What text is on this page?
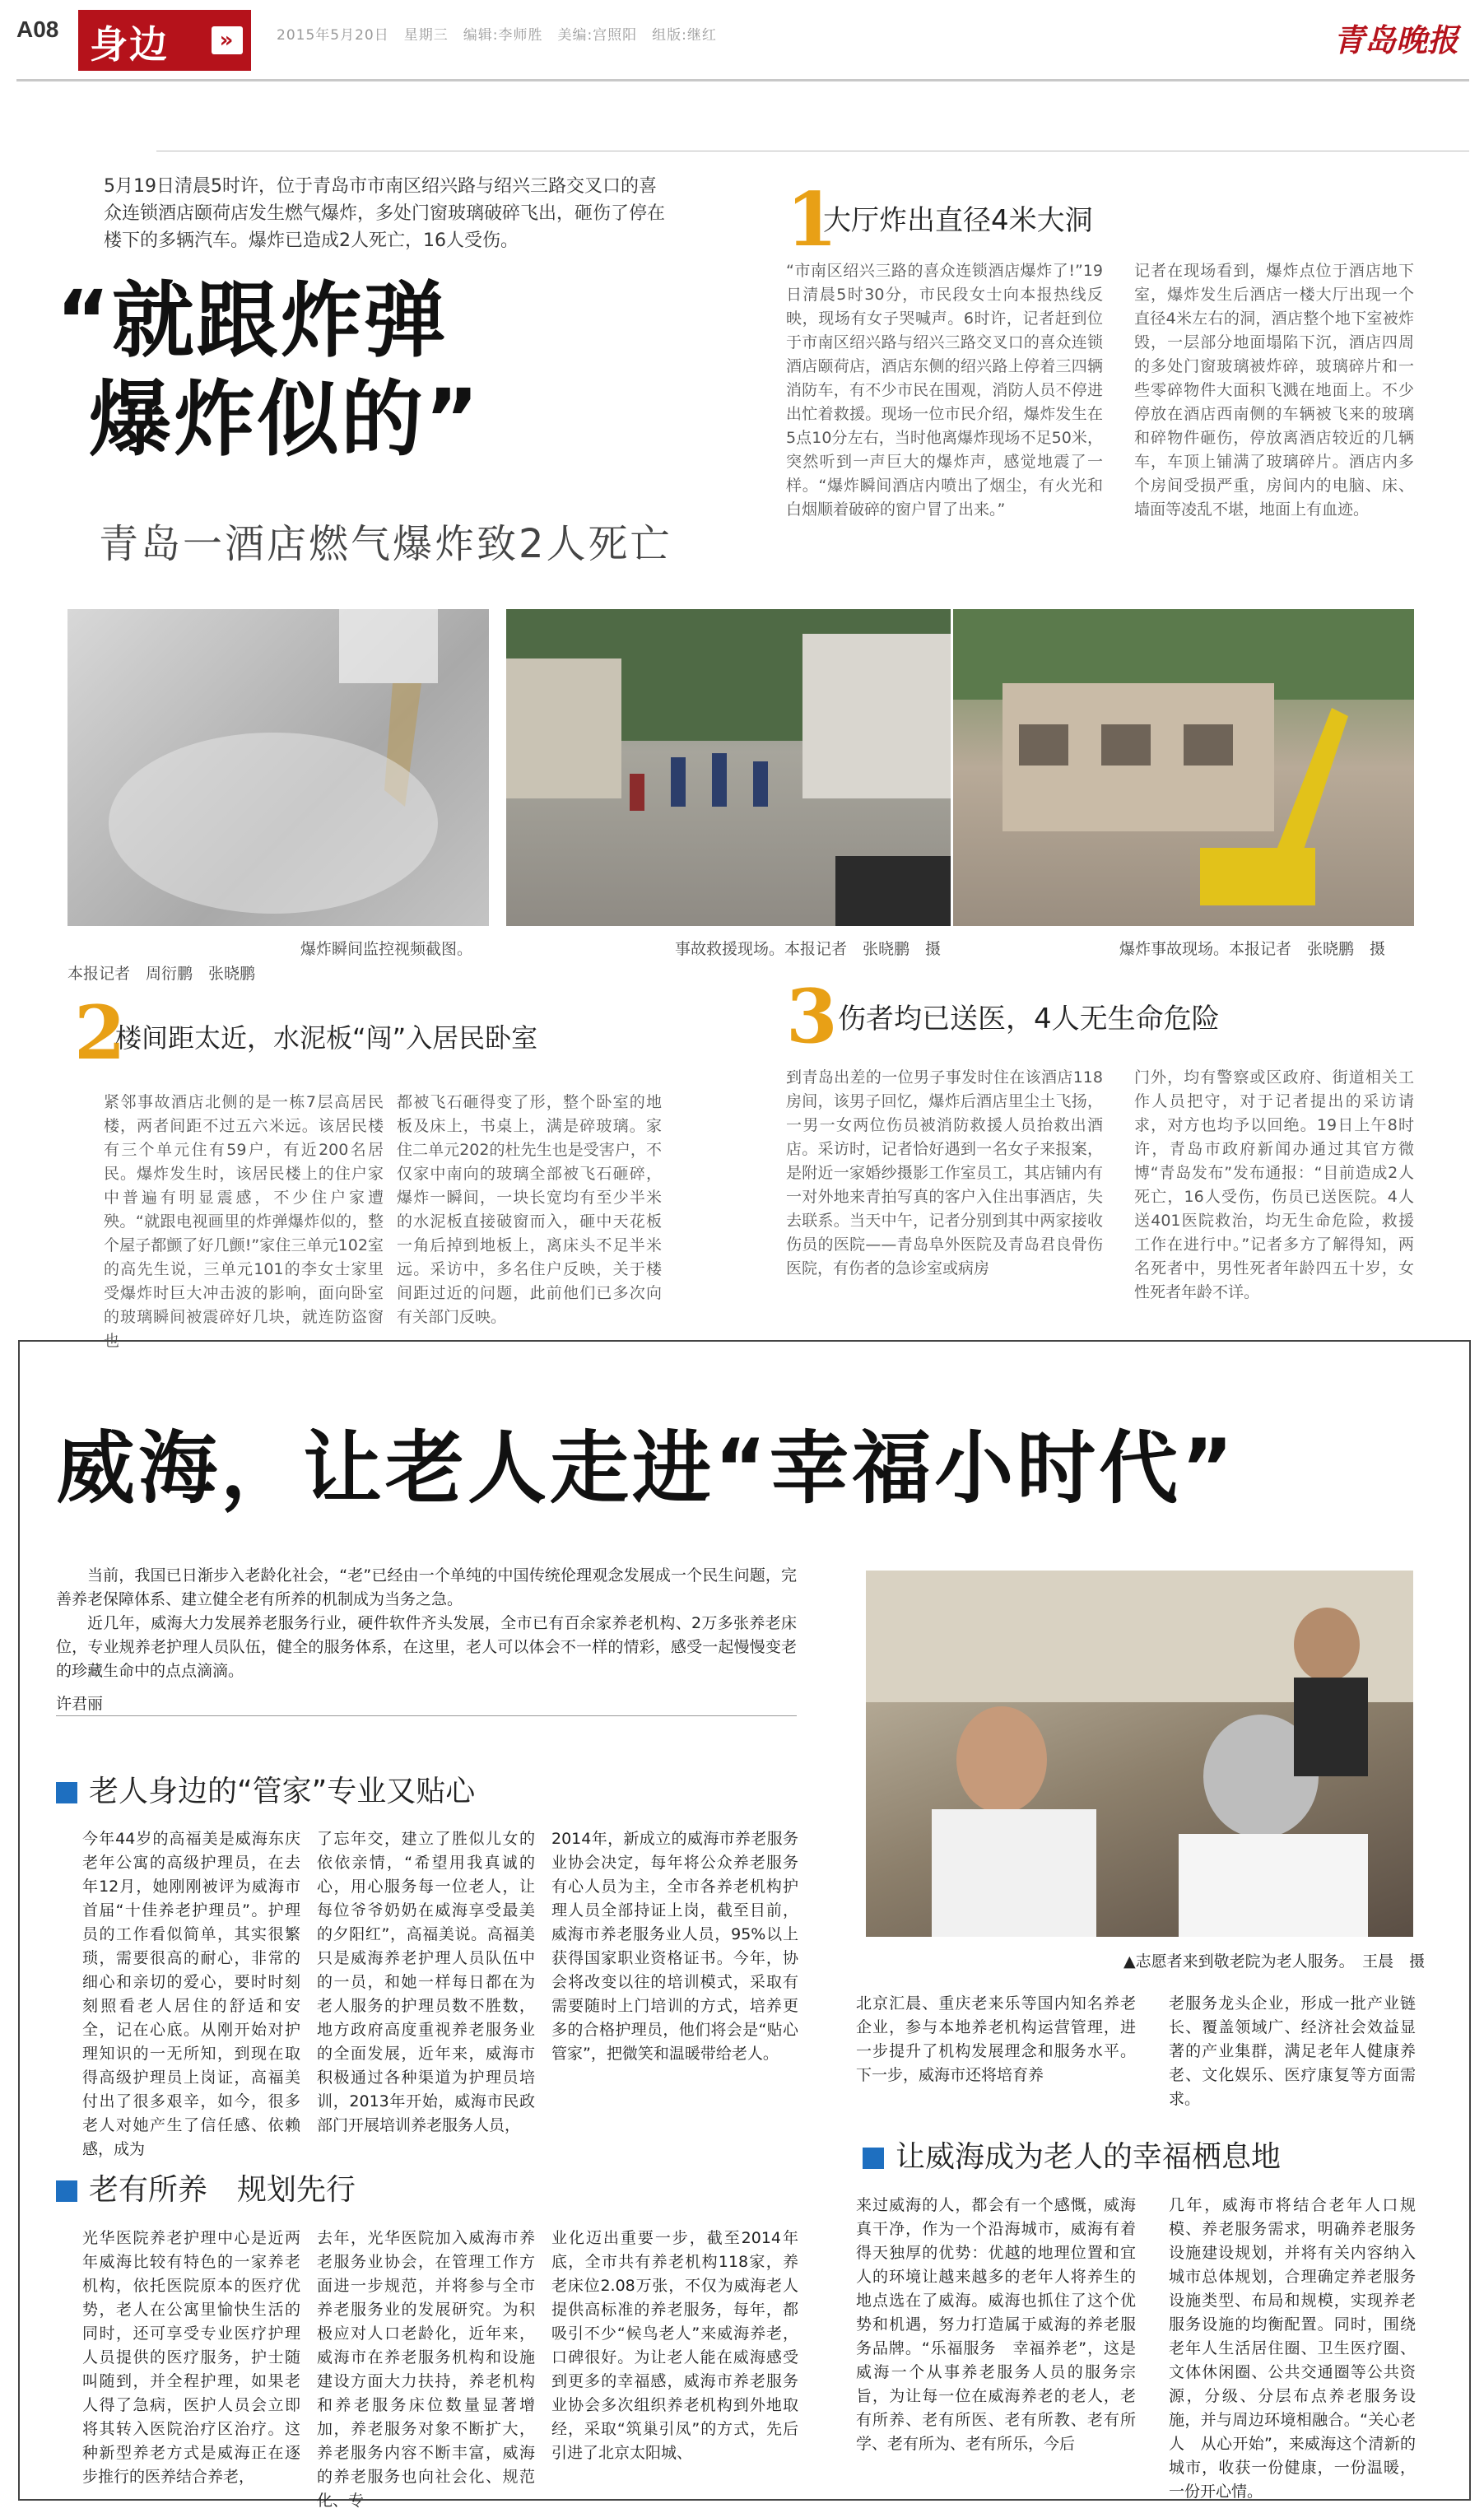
A08 身边	»	2015年5月20日　星期三　编辑:李师胜　美编:宫照阳　组版:继红	青岛晚报
5月19日清晨5时许，位于青岛市市南区绍兴路与绍兴三路交叉口的喜众连锁酒店颐荷店发生燃气爆炸，多处门窗玻璃破碎飞出，砸伤了停在楼下的多辆汽车。爆炸已造成2人死亡，16人受伤。
“就跟炸弹
爆炸似的”
青岛一酒店燃气爆炸致2人死亡
1
大厅炸出直径4米大洞
“市南区绍兴三路的喜众连锁酒店爆炸了!”19日清晨5时30分，市民段女士向本报热线反映，现场有女子哭喊声。6时许，记者赶到位于市南区绍兴路与绍兴三路交叉口的喜众连锁酒店颐荷店，酒店东侧的绍兴路上停着三四辆消防车，有不少市民在围观，消防人员不停进出忙着救援。现场一位市民介绍，爆炸发生在5点10分左右，当时他离爆炸现场不足50米，突然听到一声巨大的爆炸声，感觉地震了一样。“爆炸瞬间酒店内喷出了烟尘，有火光和白烟顺着破碎的窗户冒了出来。”
记者在现场看到，爆炸点位于酒店地下室，爆炸发生后酒店一楼大厅出现一个直径4米左右的洞，酒店整个地下室被炸毁，一层部分地面塌陷下沉，酒店四周的多处门窗玻璃被炸碎，玻璃碎片和一些零碎物件大面积飞溅在地面上。不少停放在酒店西南侧的车辆被飞来的玻璃和碎物件砸伤，停放离酒店较近的几辆车，车顶上铺满了玻璃碎片。酒店内多个房间受损严重，房间内的电脑、床、墙面等凌乱不堪，地面上有血迹。
爆炸瞬间监控视频截图。
本报记者　周衍鹏　张晓鹏
事故救援现场。本报记者　张晓鹏　摄	爆炸事故现场。本报记者　张晓鹏　摄
2
楼间距太近，水泥板“闯”入居民卧室
紧邻事故酒店北侧的是一栋7层高居民楼，两者间距不过五六米远。该居民楼有三个单元住有59户，有近200名居民。爆炸发生时，该居民楼上的住户家中普遍有明显震感，不少住户家遭殃。“就跟电视画里的炸弹爆炸似的，整个屋子都颤了好几颤!”家住三单元102室的高先生说，三单元101的李女士家里受爆炸时巨大冲击波的影响，面向卧室的玻璃瞬间被震碎好几块，就连防盗窗也
都被飞石砸得变了形，整个卧室的地板及床上，书桌上，满是碎玻璃。家住二单元202的杜先生也是受害户，不仅家中南向的玻璃全部被飞石砸碎，爆炸一瞬间，一块长宽均有至少半米的水泥板直接破窗而入，砸中天花板一角后掉到地板上，离床头不足半米远。采访中，多名住户反映，关于楼间距过近的问题，此前他们已多次向有关部门反映。
3 伤者均已送医，4人无生命危险
到青岛出差的一位男子事发时住在该酒店118房间，该男子回忆，爆炸后酒店里尘土飞扬，一男一女两位伤员被消防救援人员抬救出酒店。采访时，记者恰好遇到一名女子来报案，是附近一家婚纱摄影工作室员工，其店铺内有一对外地来青拍写真的客户入住出事酒店，失去联系。当天中午，记者分别到其中两家接收伤员的医院——青岛阜外医院及青岛君良骨伤医院，有伤者的急诊室或病房
门外，均有警察或区政府、街道相关工作人员把守，对于记者提出的采访请求，对方也均予以回绝。19日上午8时许，青岛市政府新闻办通过其官方微博“青岛发布”发布通报：“目前造成2人死亡，16人受伤，伤员已送医院。4人送401医院救治，均无生命危险，救援工作在进行中。”记者多方了解得知，两名死者中，男性死者年龄四五十岁，女性死者年龄不详。
威海，让老人走进“幸福小时代”
当前，我国已日渐步入老龄化社会，“老”已经由一个单纯的中国传统伦理观念发展成一个民生问题，完善养老保障体系、建立健全老有所养的机制成为当务之急。
近几年，威海大力发展养老服务行业，硬件软件齐头发展，全市已有百余家养老机构、2万多张养老床位，专业规养老护理人员队伍，健全的服务体系，在这里，老人可以体会不一样的情彩，感受一起慢慢变老的珍藏生命中的点点滴滴。
许君丽
▲志愿者来到敬老院为老人服务。　王晨　摄
老人身边的“管家”专业又贴心
今年44岁的高福美是威海东庆老年公寓的高级护理员，在去年12月，她刚刚被评为威海市首届“十佳养老护理员”。护理员的工作看似简单，其实很繁琐，需要很高的耐心，非常的细心和亲切的爱心，要时时刻刻照看老人居住的舒适和安全，记在心底。从刚开始对护理知识的一无所知，到现在取得高级护理员上岗证，高福美付出了很多艰辛，如今，很多老人对她产生了信任感、依赖感，成为
了忘年交，建立了胜似儿女的依依亲情，“希望用我真诚的心，用心服务每一位老人，让每位爷爷奶奶在威海享受最美的夕阳红”，高福美说。高福美只是威海养老护理人员队伍中的一员，和她一样每日都在为老人服务的护理员数不胜数，地方政府高度重视养老服务业的全面发展，近年来，威海市积极通过各种渠道为护理员培训，2013年开始，威海市民政部门开展培训养老服务人员，
2014年，新成立的威海市养老服务业协会决定，每年将公众养老服务有心人员为主，全市各养老机构护理人员全部持证上岗，截至目前，威海市养老服务业人员，95%以上获得国家职业资格证书。今年，协会将改变以往的培训模式，采取有需要随时上门培训的方式，培养更多的合格护理员，他们将会是“贴心管家”，把微笑和温暖带给老人。
老有所养　规划先行
光华医院养老护理中心是近两年威海比较有特色的一家养老机构，依托医院原本的医疗优势，老人在公寓里愉快生活的同时，还可享受专业医疗护理人员提供的医疗服务，护士随叫随到，并全程护理，如果老人得了急病，医护人员会立即将其转入医院治疗区治疗。这种新型养老方式是威海正在逐步推行的医养结合养老，
去年，光华医院加入威海市养老服务业协会，在管理工作方面进一步规范，并将参与全市养老服务业的发展研究。为积极应对人口老龄化，近年来，威海市在养老服务机构和设施建设方面大力扶持，养老机构和养老服务床位数量显著增加，养老服务对象不断扩大，养老服务内容不断丰富，威海的养老服务也向社会化、规范化、专
业化迈出重要一步，截至2014年底，全市共有养老机构118家，养老床位2.08万张，不仅为威海老人提供高标准的养老服务，每年，都吸引不少“候鸟老人”来威海养老，口碑很好。为让老人能在威海感受到更多的幸福感，威海市养老服务业协会多次组织养老机构到外地取经，采取“筑巢引凤”的方式，先后引进了北京太阳城、
北京汇晨、重庆老来乐等国内知名养老企业，参与本地养老机构运营管理，进一步提升了机构发展理念和服务水平。下一步，威海市还将培育养
老服务龙头企业，形成一批产业链长、覆盖领域广、经济社会效益显著的产业集群，满足老年人健康养老、文化娱乐、医疗康复等方面需求。
让威海成为老人的幸福栖息地
来过威海的人，都会有一个感慨，威海真干净，作为一个沿海城市，威海有着得天独厚的优势：优越的地理位置和宜人的环境让越来越多的老年人将养生的地点选在了威海。威海也抓住了这个优势和机遇，努力打造属于威海的养老服务品牌。“乐福服务　幸福养老”，这是威海一个从事养老服务人员的服务宗旨，为让每一位在威海养老的老人，老有所养、老有所医、老有所教、老有所学、老有所为、老有所乐，今后
几年，威海市将结合老年人口规模、养老服务需求，明确养老服务设施建设规划，并将有关内容纳入城市总体规划，合理确定养老服务设施类型、布局和规模，实现养老服务设施的均衡配置。同时，围绕老年人生活居住圈、卫生医疗圈、文体休闲圈、公共交通圈等公共资源，分级、分层布点养老服务设施，并与周边环境相融合。“关心老人　从心开始”，来威海这个清新的城市，收获一份健康，一份温暖，一份开心情。
